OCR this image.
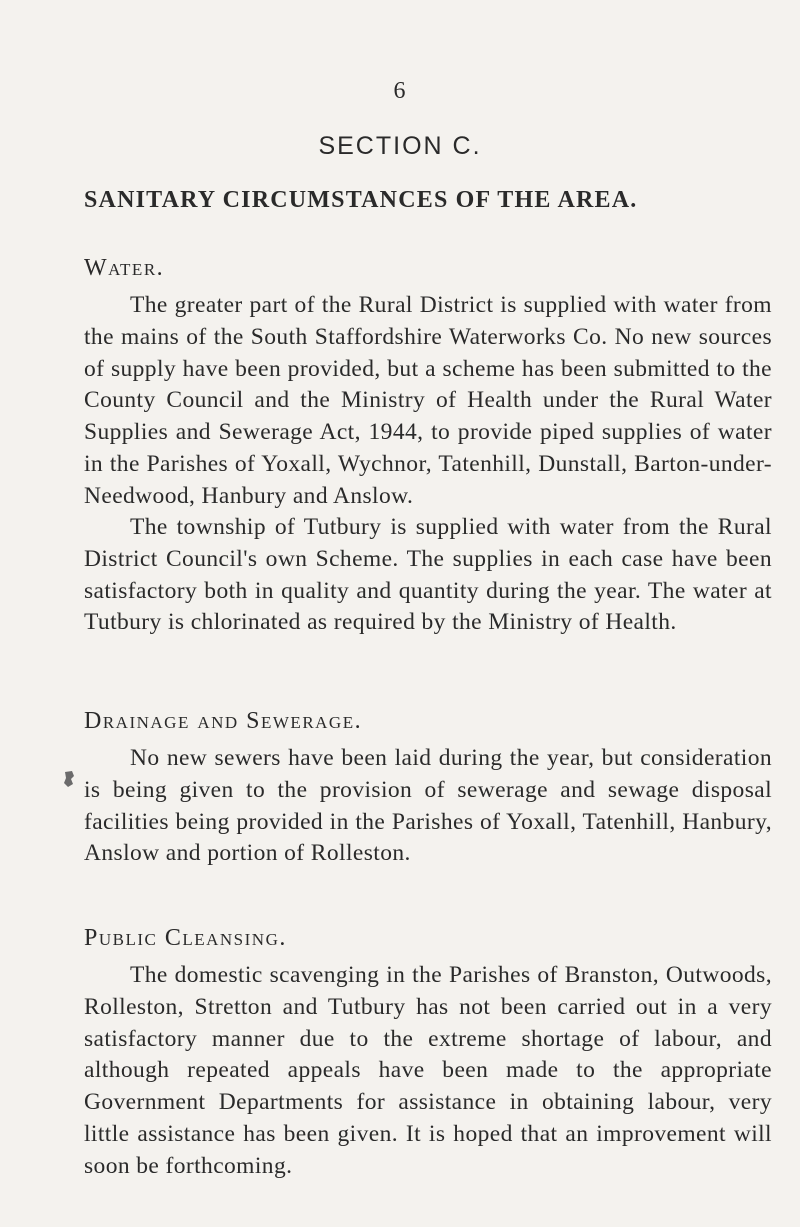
6
SECTION C.
SANITARY CIRCUMSTANCES OF THE AREA.
Water.

The greater part of the Rural District is supplied with water from the mains of the South Staffordshire Waterworks Co. No new sources of supply have been provided, but a scheme has been submitted to the County Council and the Ministry of Health under the Rural Water Supplies and Sewerage Act, 1944, to provide piped supplies of water in the Parishes of Yoxall, Wychnor, Tatenhill, Dunstall, Barton-under-Needwood, Hanbury and Anslow.

The township of Tutbury is supplied with water from the Rural District Council's own Scheme. The supplies in each case have been satisfactory both in quality and quantity during the year. The water at Tutbury is chlorinated as required by the Ministry of Health.

Drainage and Sewerage.

No new sewers have been laid during the year, but consideration is being given to the provision of sewerage and sewage disposal facilities being provided in the Parishes of Yoxall, Tatenhill, Hanbury, Anslow and portion of Rolleston.

Public Cleansing.

The domestic scavenging in the Parishes of Branston, Outwoods, Rolleston, Stretton and Tutbury has not been carried out in a very satisfactory manner due to the extreme shortage of labour, and although repeated appeals have been made to the appropriate Government Departments for assistance in obtaining labour, very little assistance has been given. It is hoped that an improvement will soon be forthcoming.
